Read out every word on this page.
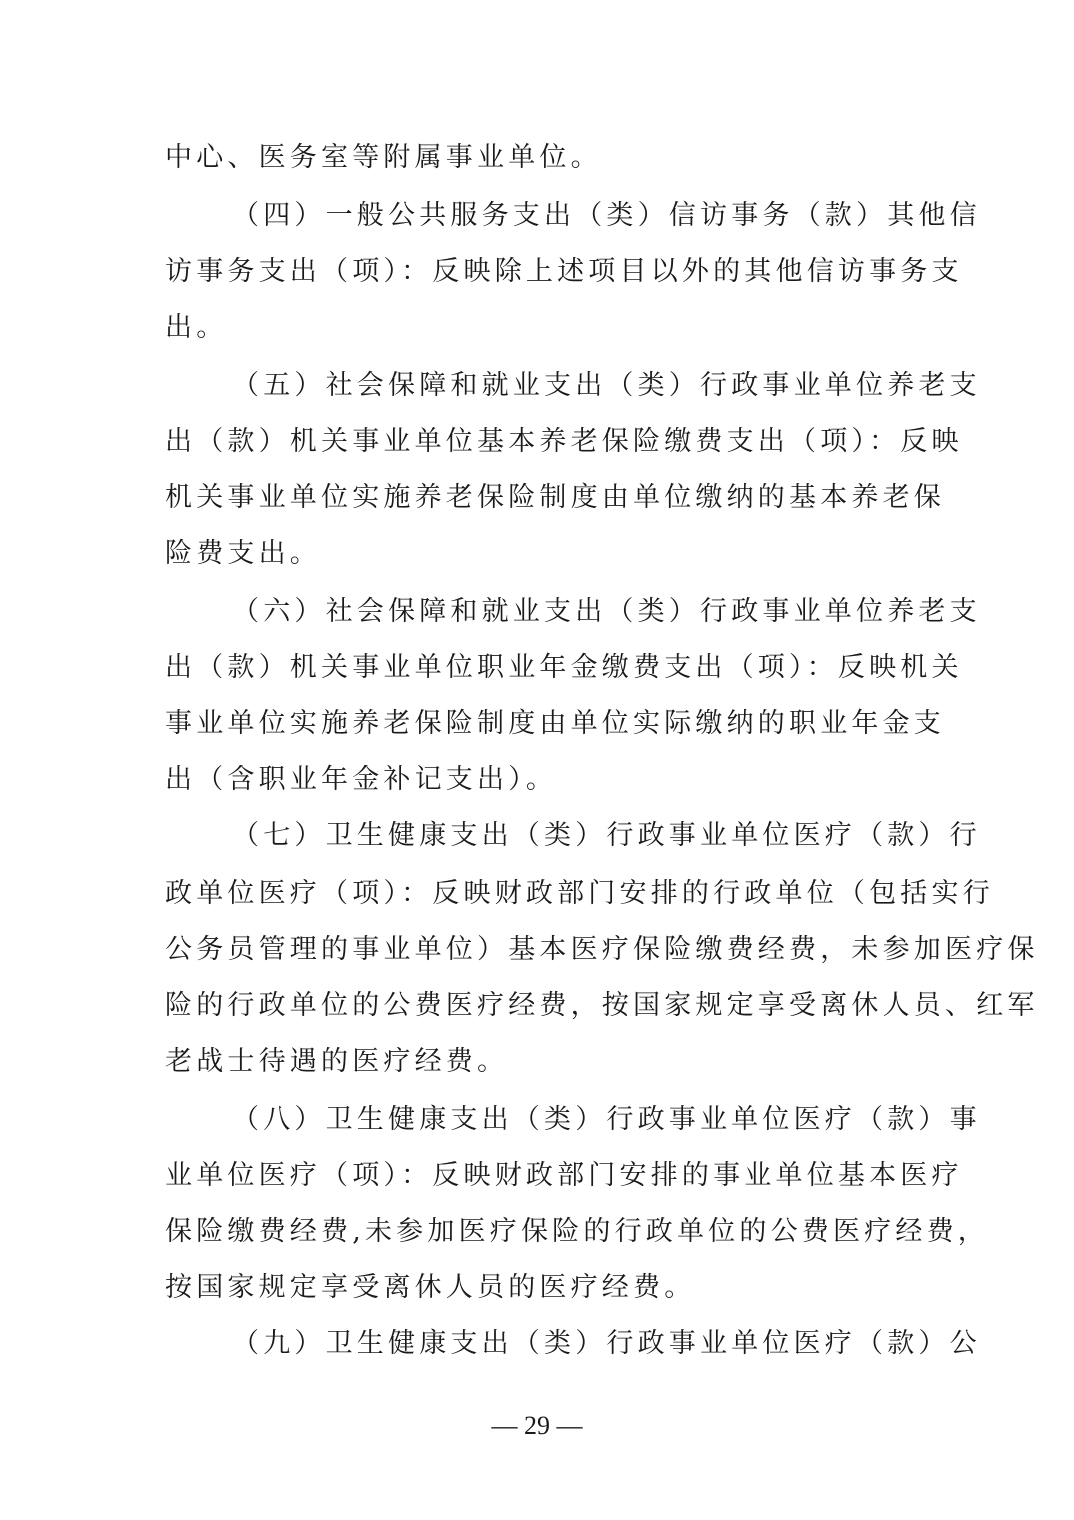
中心、医务室等附属事业单位。
（四）一般公共服务支出（类）信访事务（款）其他信
访事务支出（项）：反映除上述项目以外的其他信访事务支
出。
（五）社会保障和就业支出（类）行政事业单位养老支
出（款）机关事业单位基本养老保险缴费支出（项）：反映
机关事业单位实施养老保险制度由单位缴纳的基本养老保
险费支出。
（六）社会保障和就业支出（类）行政事业单位养老支
出（款）机关事业单位职业年金缴费支出（项）：反映机关
事业单位实施养老保险制度由单位实际缴纳的职业年金支
出（含职业年金补记支出）。
（七）卫生健康支出（类）行政事业单位医疗（款）行
政单位医疗（项）：反映财政部门安排的行政单位（包括实行
公务员管理的事业单位）基本医疗保险缴费经费，未参加医疗保
险的行政单位的公费医疗经费，按国家规定享受离休人员、红军
老战士待遇的医疗经费。
（八）卫生健康支出（类）行政事业单位医疗（款）事
业单位医疗（项）：反映财政部门安排的事业单位基本医疗
保险缴费经费,未参加医疗保险的行政单位的公费医疗经费，
按国家规定享受离休人员的医疗经费。
（九）卫生健康支出（类）行政事业单位医疗（款）公
— 29 —
